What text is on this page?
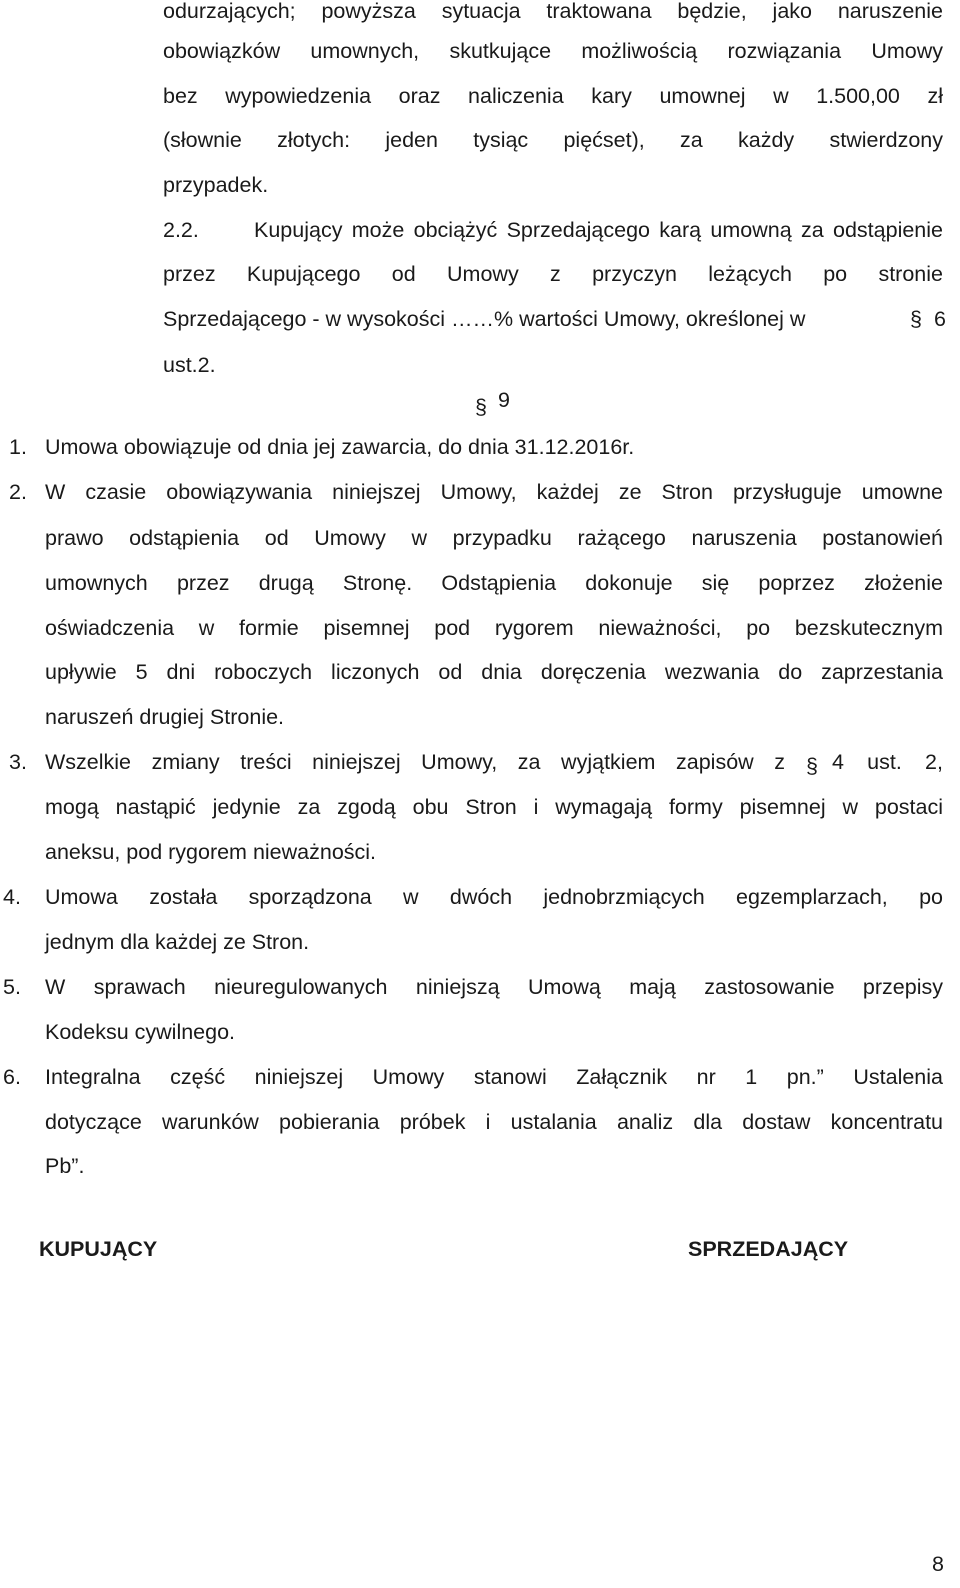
odurzających; powyższa sytuacja traktowana będzie, jako naruszenie
obowiązków umownych, skutkujące możliwością rozwiązania Umowy
bez wypowiedzenia oraz naliczenia kary umownej w 1.500,00 zł
(słownie złotych: jeden tysiąc pięćset), za każdy stwierdzony
przypadek.
2.2.	Kupujący może obciążyć Sprzedającego karą umowną za odstąpienie
przez Kupującego od Umowy z przyczyn leżących po stronie
Sprzedającego - w wysokości ……% wartości Umowy, określonej w	§ 6
ust.2.
§ 9
1. Umowa obowiązuje od dnia jej zawarcia, do dnia 31.12.2016r.
2. W czasie obowiązywania niniejszej Umowy, każdej ze Stron przysługuje umowne
prawo odstąpienia od Umowy w przypadku rażącego naruszenia postanowień
umownych przez drugą Stronę. Odstąpienia dokonuje się poprzez złożenie
oświadczenia w formie pisemnej pod rygorem nieważności, po bezskutecznym
upływie 5 dni roboczych liczonych od dnia doręczenia wezwania do zaprzestania
naruszeń drugiej Stronie.
3. Wszelkie zmiany treści niniejszej Umowy, za wyjątkiem zapisów z § 4 ust. 2,
mogą nastąpić jedynie za zgodą obu Stron i wymagają formy pisemnej w postaci
aneksu, pod rygorem nieważności.
4. Umowa została sporządzona w dwóch jednobrzmiących egzemplarzach, po
jednym dla każdej ze Stron.
5. W sprawach nieuregulowanych niniejszą Umową mają zastosowanie przepisy
Kodeksu cywilnego.
6. Integralna część niniejszej Umowy stanowi Załącznik nr 1 pn.” Ustalenia
dotyczące warunków pobierania próbek i ustalania analiz dla dostaw koncentratu
Pb”.
KUPUJĄCY	SPRZEDAJĄCY
8
